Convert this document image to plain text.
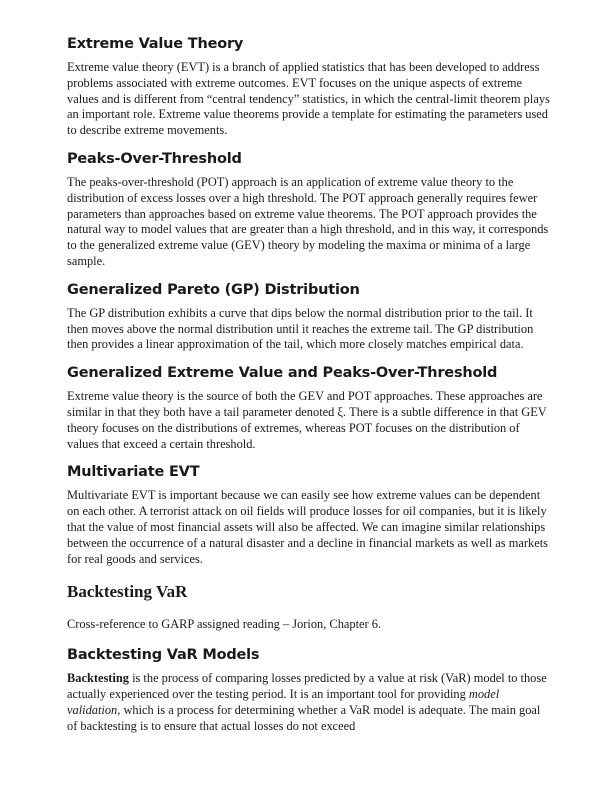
Extreme Value Theory

Extreme value theory (EVT) is a branch of applied statistics that has been developed to address problems associated with extreme outcomes. EVT focuses on the unique aspects of extreme values and is different from “central tendency” statistics, in which the central-limit theorem plays an important role. Extreme value theorems provide a template for estimating the parameters used to describe extreme movements.

Peaks-Over-Threshold

The peaks-over-threshold (POT) approach is an application of extreme value theory to the distribution of excess losses over a high threshold. The POT approach generally requires fewer parameters than approaches based on extreme value theorems. The POT approach provides the natural way to model values that are greater than a high threshold, and in this way, it corresponds to the generalized extreme value (GEV) theory by modeling the maxima or minima of a large sample.

Generalized Pareto (GP) Distribution

The GP distribution exhibits a curve that dips below the normal distribution prior to the tail. It then moves above the normal distribution until it reaches the extreme tail. The GP distribution then provides a linear approximation of the tail, which more closely matches empirical data.

Generalized Extreme Value and Peaks-Over-Threshold

Extreme value theory is the source of both the GEV and POT approaches. These approaches are similar in that they both have a tail parameter denoted ξ. There is a subtle difference in that GEV theory focuses on the distributions of extremes, whereas POT focuses on the distribution of values that exceed a certain threshold.

Multivariate EVT

Multivariate EVT is important because we can easily see how extreme values can be dependent on each other. A terrorist attack on oil fields will produce losses for oil companies, but it is likely that the value of most financial assets will also be affected. We can imagine similar relationships between the occurrence of a natural disaster and a decline in financial markets as well as markets for real goods and services.

Backtesting VaR

Cross-reference to GARP assigned reading – Jorion, Chapter 6.

Backtesting VaR Models

Backtesting is the process of comparing losses predicted by a value at risk (VaR) model to those actually experienced over the testing period. It is an important tool for providing model validation, which is a process for determining whether a VaR model is adequate. The main goal of backtesting is to ensure that actual losses do not exceed
